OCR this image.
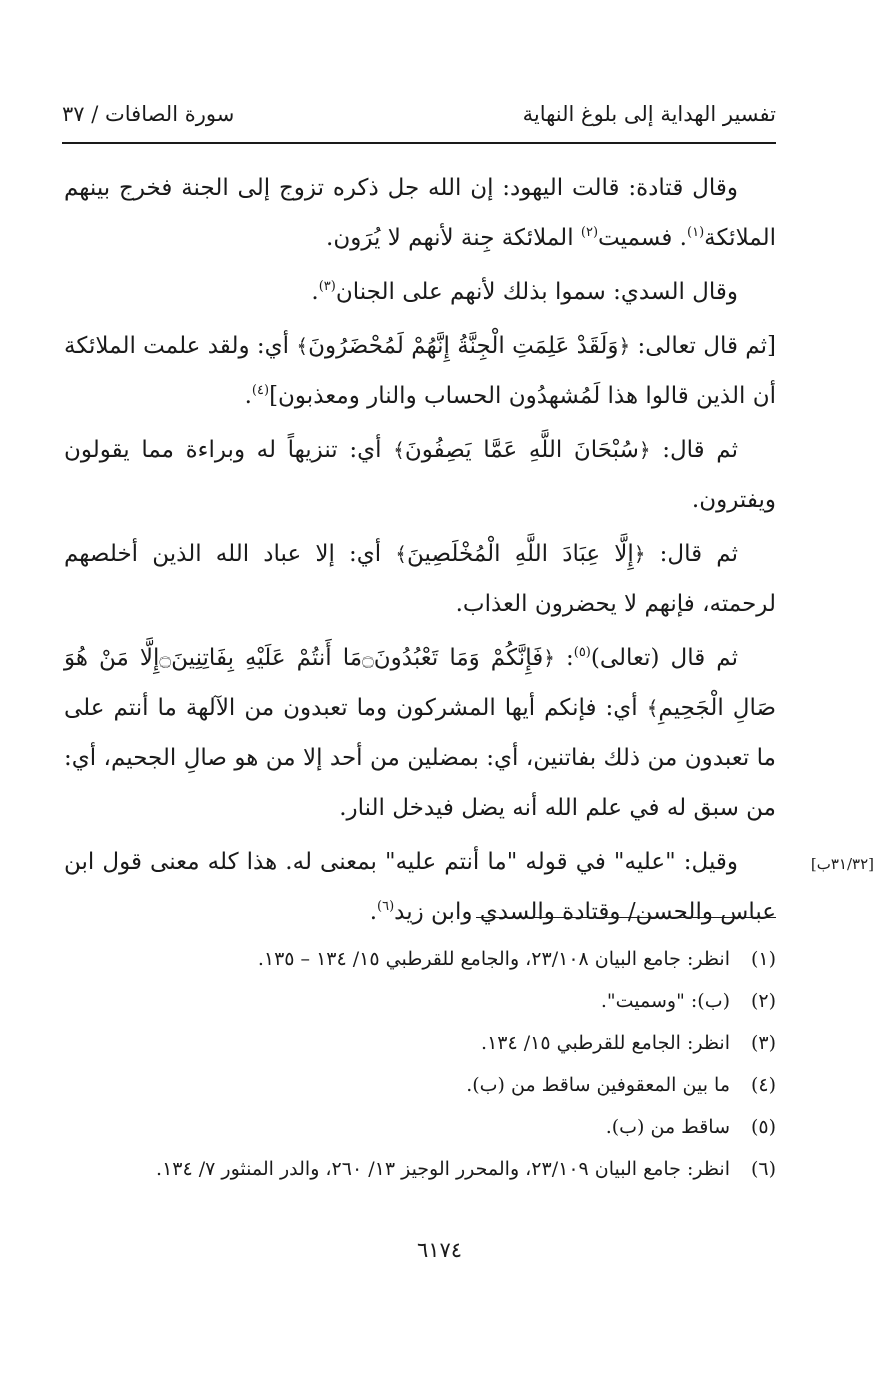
تفسير الهداية إلى بلوغ النهاية
سورة الصافات / ٣٧

وقال قتادة: قالت اليهود: إن الله جل ذكره تزوج إلى الجنة فخرج بينهم الملائكة$^{(١)}$. فسميت$^{(٢)}$ الملائكة جِنة لأنهم لا يُرَون.

وقال السدي: سموا بذلك لأنهم على الجنان$^{(٣)}$.

[ثم قال تعالى: ﴿وَلَقَدْ عَلِمَتِ الْجِنَّةُ إِنَّهُمْ لَمُحْضَرُونَ﴾ أي: ولقد علمت الملائكة أن الذين قالوا هذا لَمُشهدُون الحساب والنار ومعذبون]$^{(٤)}$.

ثم قال: ﴿سُبْحَانَ اللَّهِ عَمَّا يَصِفُونَ﴾ أي: تنزيهاً له وبراءة مما يقولون ويفترون.

ثم قال: ﴿إِلَّا عِبَادَ اللَّهِ الْمُخْلَصِينَ﴾ أي: إلا عباد الله الذين أخلصهم لرحمته، فإنهم لا يحضرون العذاب.

ثم قال (تعالى)$^{(٥)}$: ﴿فَإِنَّكُمْ وَمَا تَعْبُدُونَ۝مَا أَنتُمْ عَلَيْهِ بِفَاتِنِينَ۝إِلَّا مَنْ هُوَ صَالِ الْجَحِيمِ﴾ أي: فإنكم أيها المشركون وما تعبدون من الآلهة ما أنتم على ما تعبدون من ذلك بفاتنين، أي: بمضلين من أحد إلا من هو صالِ الجحيم، أي: من سبق له في علم الله أنه يضل فيدخل النار.

وقيل: "عليه" في قوله "ما أنتم عليه" بمعنى له. هذا كله معنى قول ابن عباس والحسن/ وقتادة والسدي وابن زيد$^{(٦)}$.

[٣١/٣٢ب]
(١)
انظر: جامع البيان ٢٣/١٠٨، والجامع للقرطبي ١٥/ ١٣٤ – ١٣٥.
(٢)
(ب): "وسميت".
(٣)
انظر: الجامع للقرطبي ١٥/ ١٣٤.
(٤)
ما بين المعقوفين ساقط من (ب).
(٥)
ساقط من (ب).
(٦)
انظر: جامع البيان ٢٣/١٠٩، والمحرر الوجيز ١٣/ ٢٦٠، والدر المنثور ٧/ ١٣٤.
٦١٧٤
